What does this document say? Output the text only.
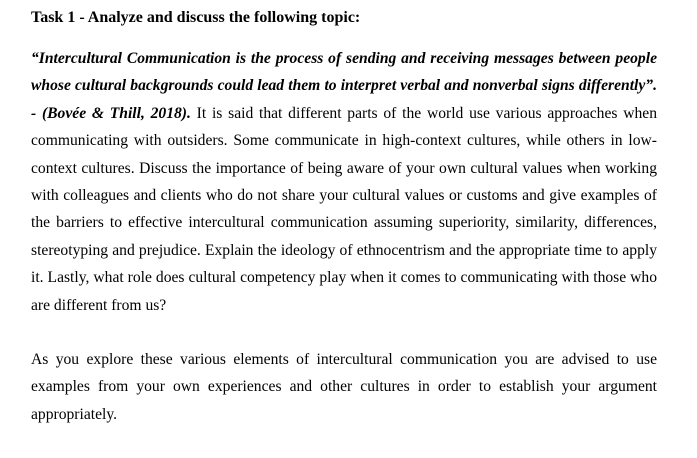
Task 1 - Analyze and discuss the following topic:

“Intercultural Communication is the process of sending and receiving messages between people whose cultural backgrounds could lead them to interpret verbal and nonverbal signs differently”. - (Bovée & Thill, 2018). It is said that different parts of the world use various approaches when communicating with outsiders. Some communicate in high-context cultures, while others in low-context cultures. Discuss the importance of being aware of your own cultural values when working with colleagues and clients who do not share your cultural values or customs and give examples of the barriers to effective intercultural communication assuming superiority, similarity, differences, stereotyping and prejudice. Explain the ideology of ethnocentrism and the appropriate time to apply it. Lastly, what role does cultural competency play when it comes to communicating with those who are different from us?

As you explore these various elements of intercultural communication you are advised to use examples from your own experiences and other cultures in order to establish your argument appropriately.
